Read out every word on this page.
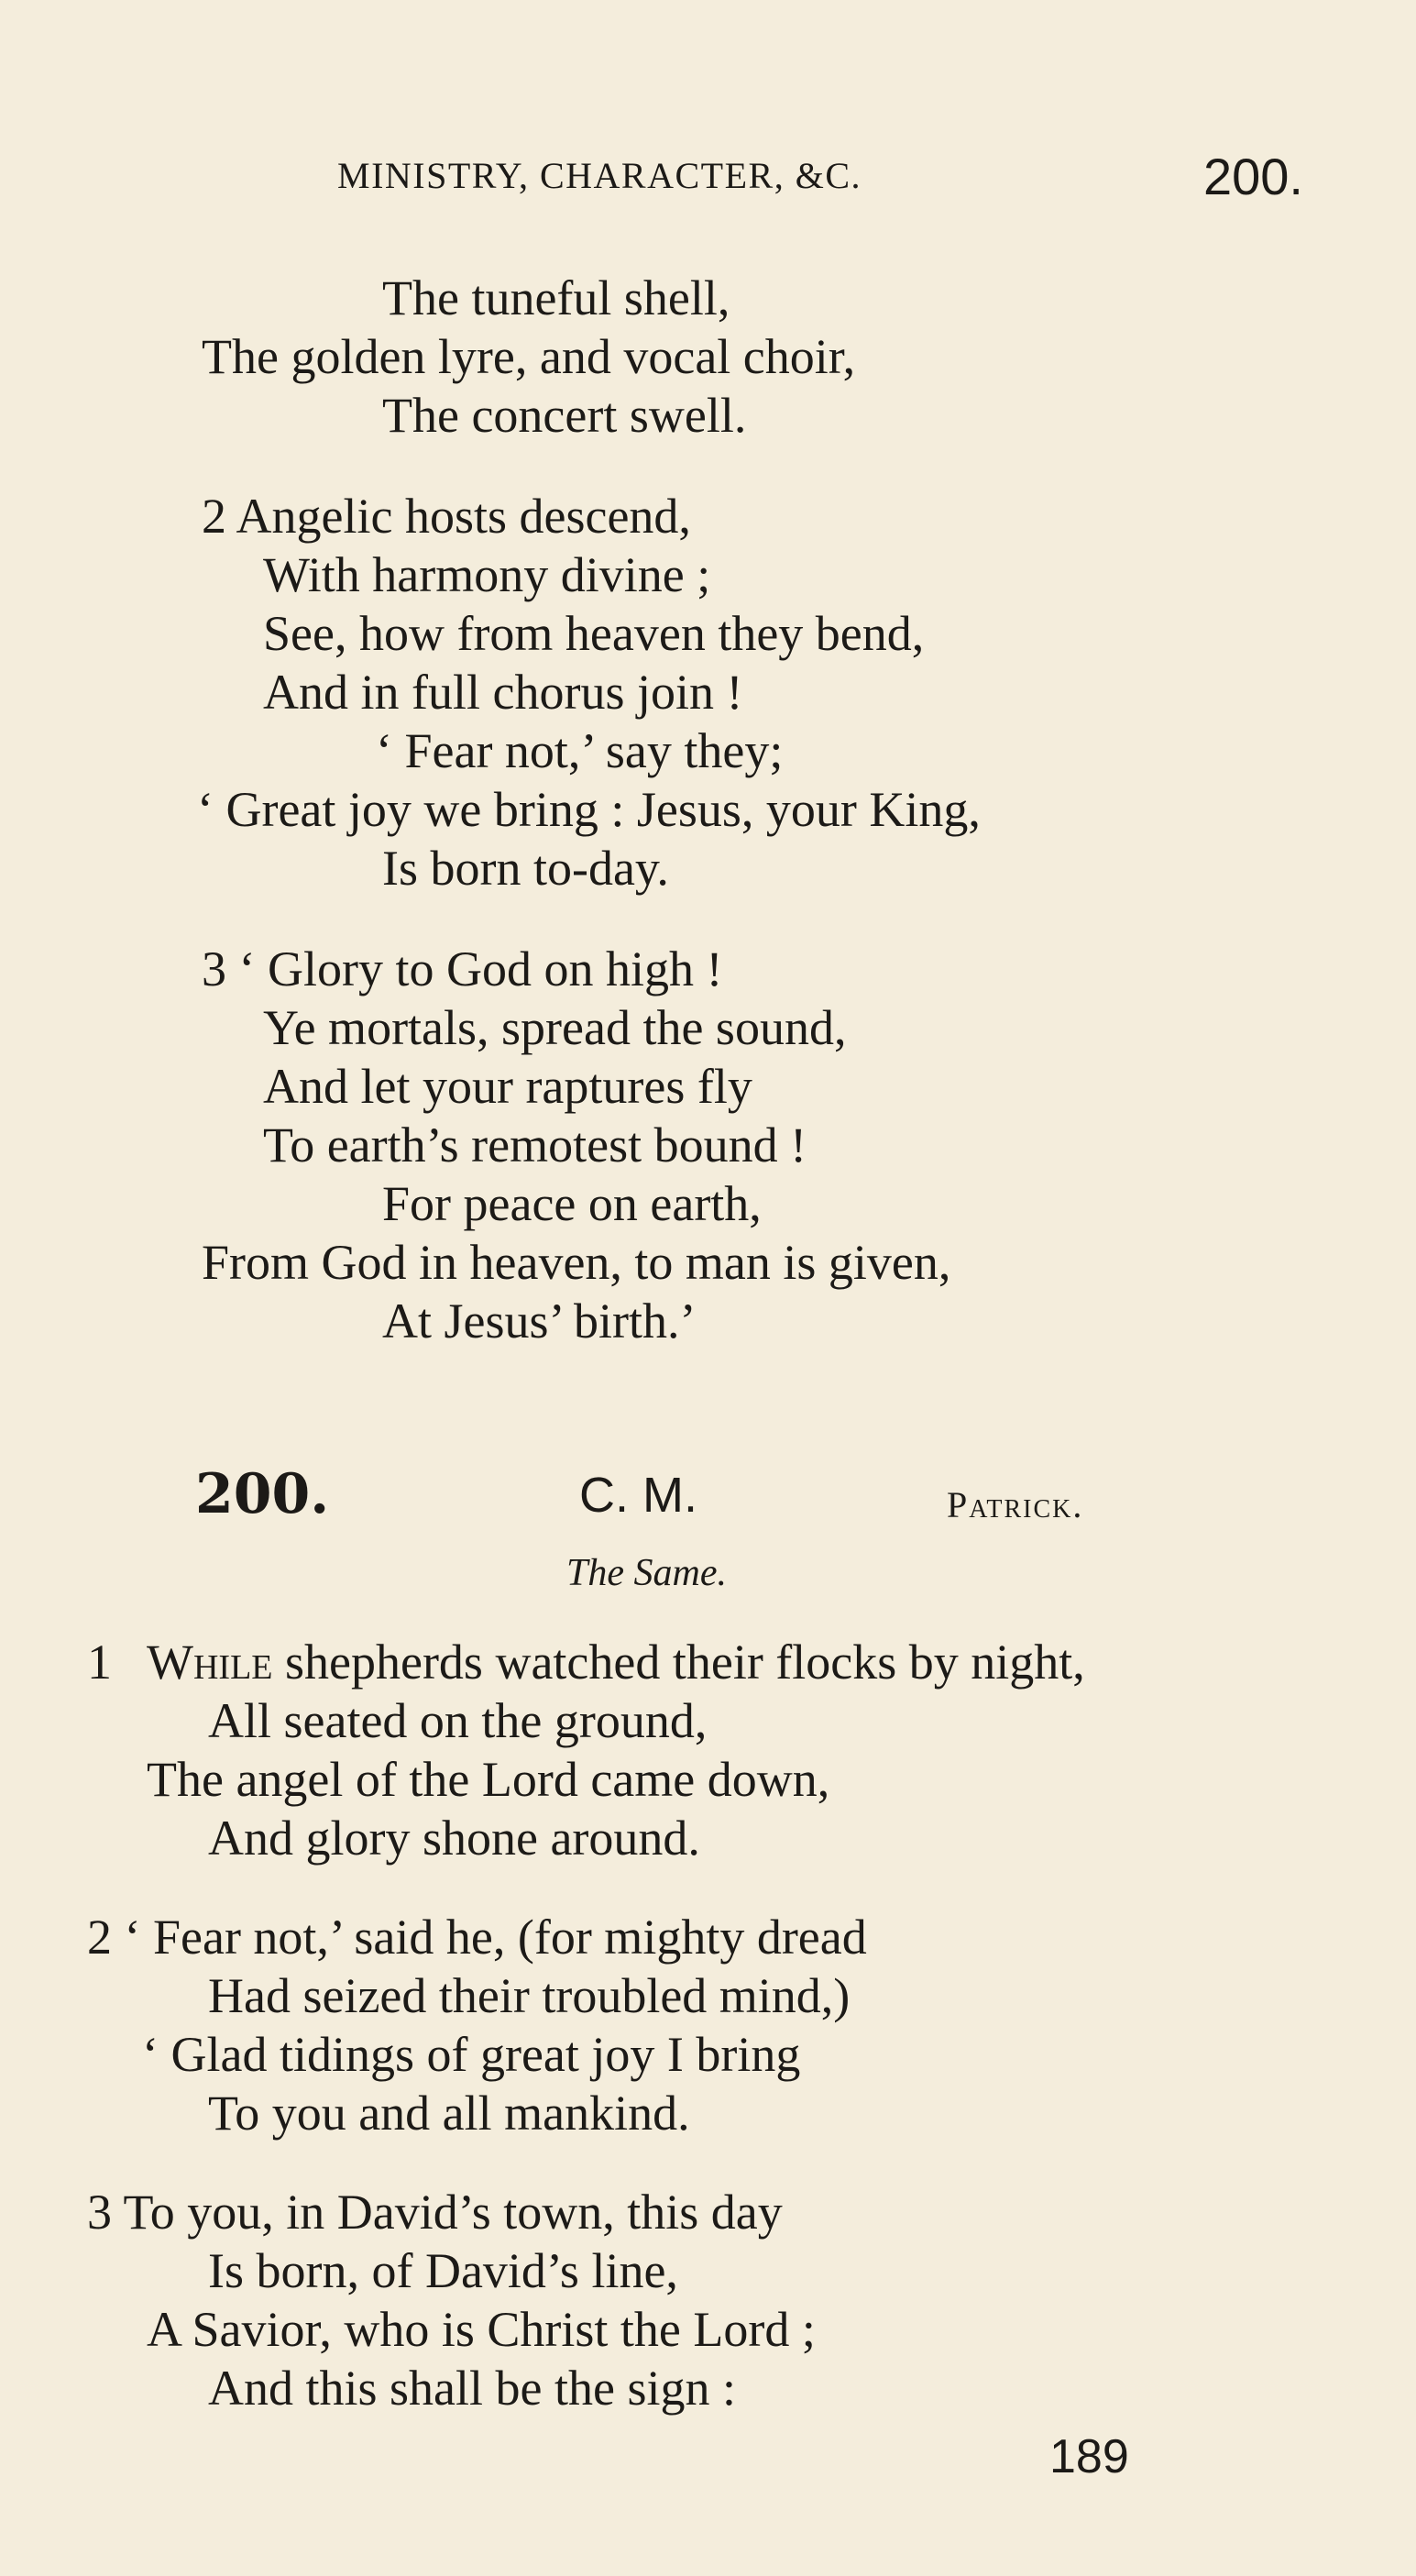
MINISTRY, CHARACTER, &C.	200.
The tuneful shell,
The golden lyre, and vocal choir,
The concert swell.
2 Angelic hosts descend,
With harmony divine ;
See, how from heaven they bend,
And in full chorus join !
‘ Fear not,’ say they;
‘ Great joy we bring : Jesus, your King,
Is born to-day.
3 ‘ Glory to God on high !
Ye mortals, spread the sound,
And let your raptures fly
To earth’s remotest bound !
For peace on earth,
From God in heaven, to man is given,
At Jesus’ birth.’
200.	C. M.	Patrick.
The Same.
1 While shepherds watched their flocks by night,
All seated on the ground,
The angel of the Lord came down,
And glory shone around.
2 ‘ Fear not,’ said he, (for mighty dread
Had seized their troubled mind,)
‘ Glad tidings of great joy I bring
To you and all mankind.
3 To you, in David’s town, this day
Is born, of David’s line,
A Savior, who is Christ the Lord ;
And this shall be the sign :
189
